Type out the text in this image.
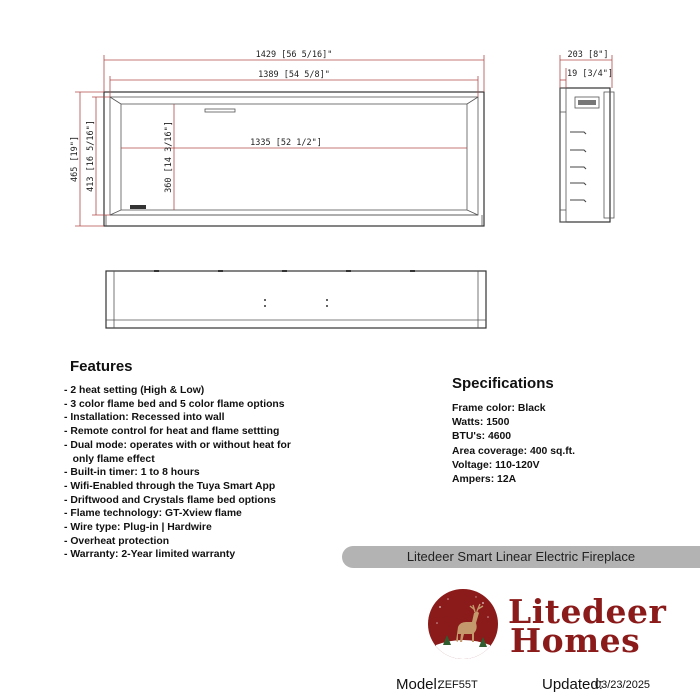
1429 [56 5/16]"
1389 [54 5/8]"
1335 [52 1/2"]
465 [19"] 413 [16 5/16"]	360 [14 3/16"]
203 [8"]
19 [3/4"]
Features
- 2 heat setting (High & Low)
- 3 color flame bed and 5 color flame options
- Installation: Recessed into wall
- Remote control for heat and flame settting
- Dual mode: operates with or without heat for
only flame effect
- Built-in timer: 1 to 8 hours
- Wifi-Enabled through the Tuya Smart App
- Driftwood and Crystals flame bed options
- Flame technology: GT-Xview flame
- Wire type: Plug-in | Hardwire
- Overheat protection
- Warranty: 2-Year limited warranty
Specifications
Frame color: Black
Watts: 1500
BTU's: 4600
Area coverage: 400 sq.ft.
Voltage: 110-120V
Ampers: 12A
Litedeer Smart Linear Electric Fireplace
Litedeer
Homes
Model:
ZEF55T	Updated:
03/23/2025
